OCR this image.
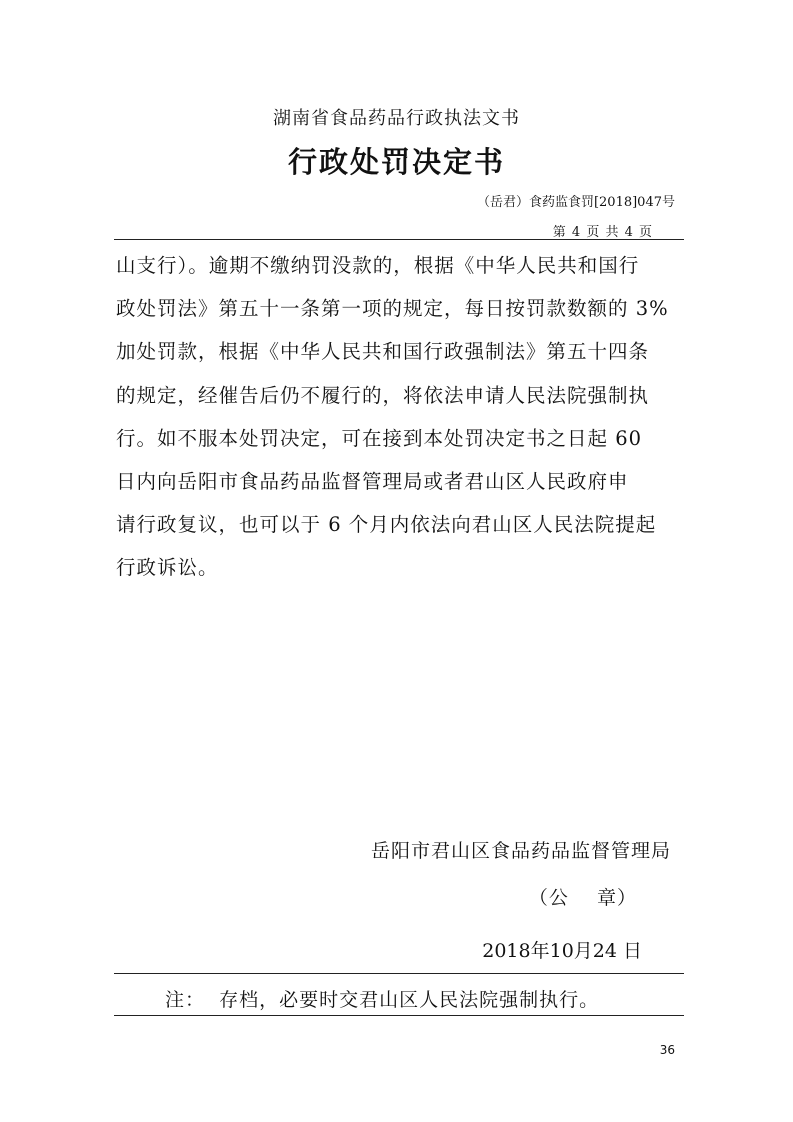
湖南省食品药品行政执法文书
行政处罚决定书
（岳君）食药监食罚[2018]047号
第 4 页 共 4 页
山支行）。逾期不缴纳罚没款的，根据《中华人民共和国行
政处罚法》第五十一条第一项的规定，每日按罚款数额的 3%
加处罚款，根据《中华人民共和国行政强制法》第五十四条
的规定，经催告后仍不履行的，将依法申请人民法院强制执
行。如不服本处罚决定，可在接到本处罚决定书之日起 60
日内向岳阳市食品药品监督管理局或者君山区人民政府申
请行政复议，也可以于 6 个月内依法向君山区人民法院提起
行政诉讼。
岳阳市君山区食品药品监督管理局
（公    章）
2018年10月24 日
注：  存档，必要时交君山区人民法院强制执行。
36
